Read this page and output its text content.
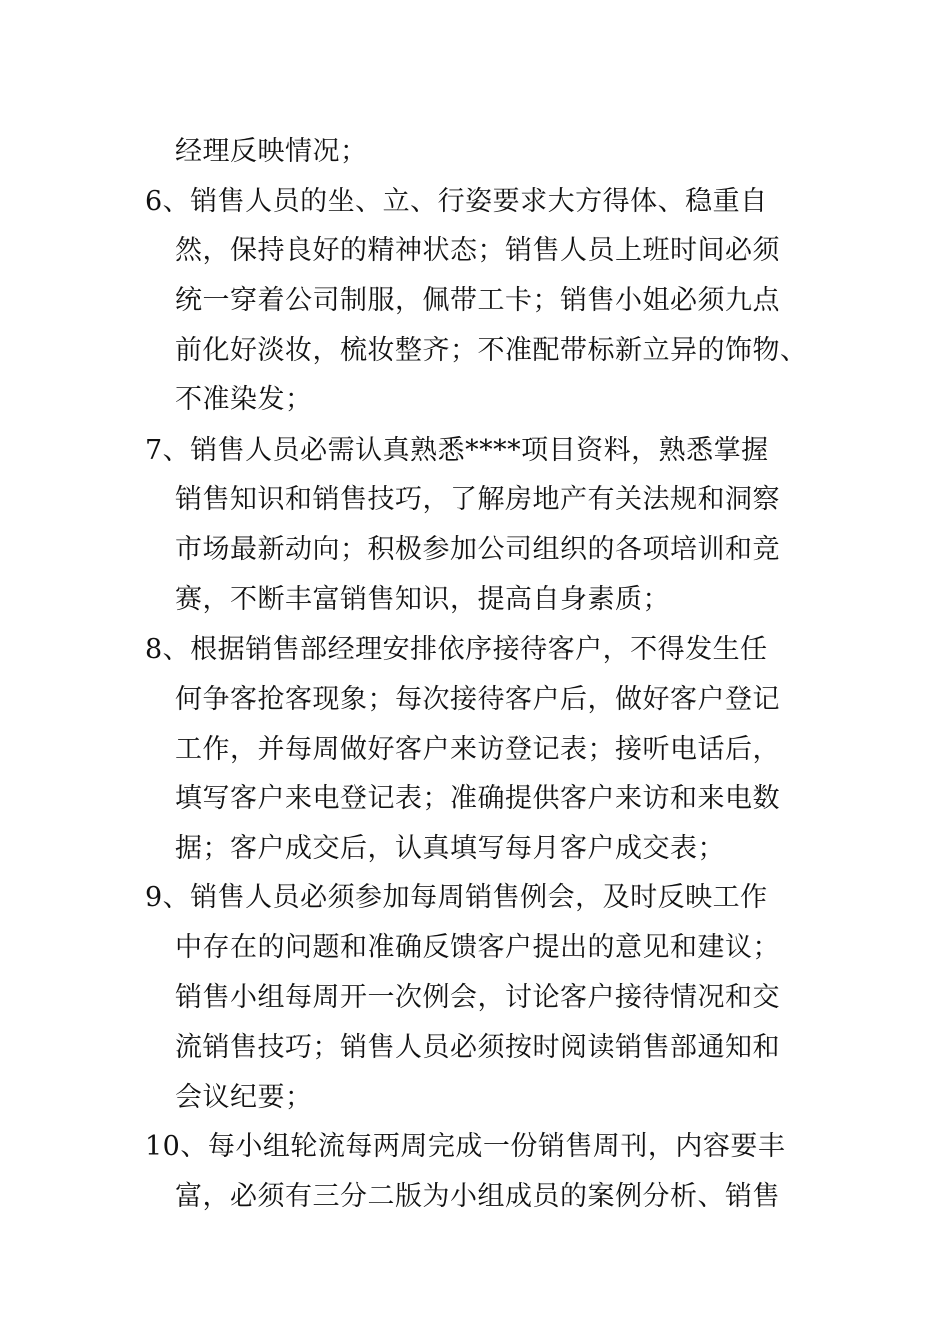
经理反映情况；
6、销售人员的坐、立、行姿要求大方得体、稳重自
然，保持良好的精神状态；销售人员上班时间必须
统一穿着公司制服，佩带工卡；销售小姐必须九点
前化好淡妆，梳妆整齐；不准配带标新立异的饰物、
不准染发；
7、销售人员必需认真熟悉****项目资料，熟悉掌握
销售知识和销售技巧，了解房地产有关法规和洞察
市场最新动向；积极参加公司组织的各项培训和竞
赛，不断丰富销售知识，提高自身素质；
8、根据销售部经理安排依序接待客户，不得发生任
何争客抢客现象；每次接待客户后，做好客户登记
工作，并每周做好客户来访登记表；接听电话后，
填写客户来电登记表；准确提供客户来访和来电数
据；客户成交后，认真填写每月客户成交表；
9、销售人员必须参加每周销售例会，及时反映工作
中存在的问题和准确反馈客户提出的意见和建议；
销售小组每周开一次例会，讨论客户接待情况和交
流销售技巧；销售人员必须按时阅读销售部通知和
会议纪要；
10、每小组轮流每两周完成一份销售周刊，内容要丰
富，必须有三分二版为小组成员的案例分析、销售
